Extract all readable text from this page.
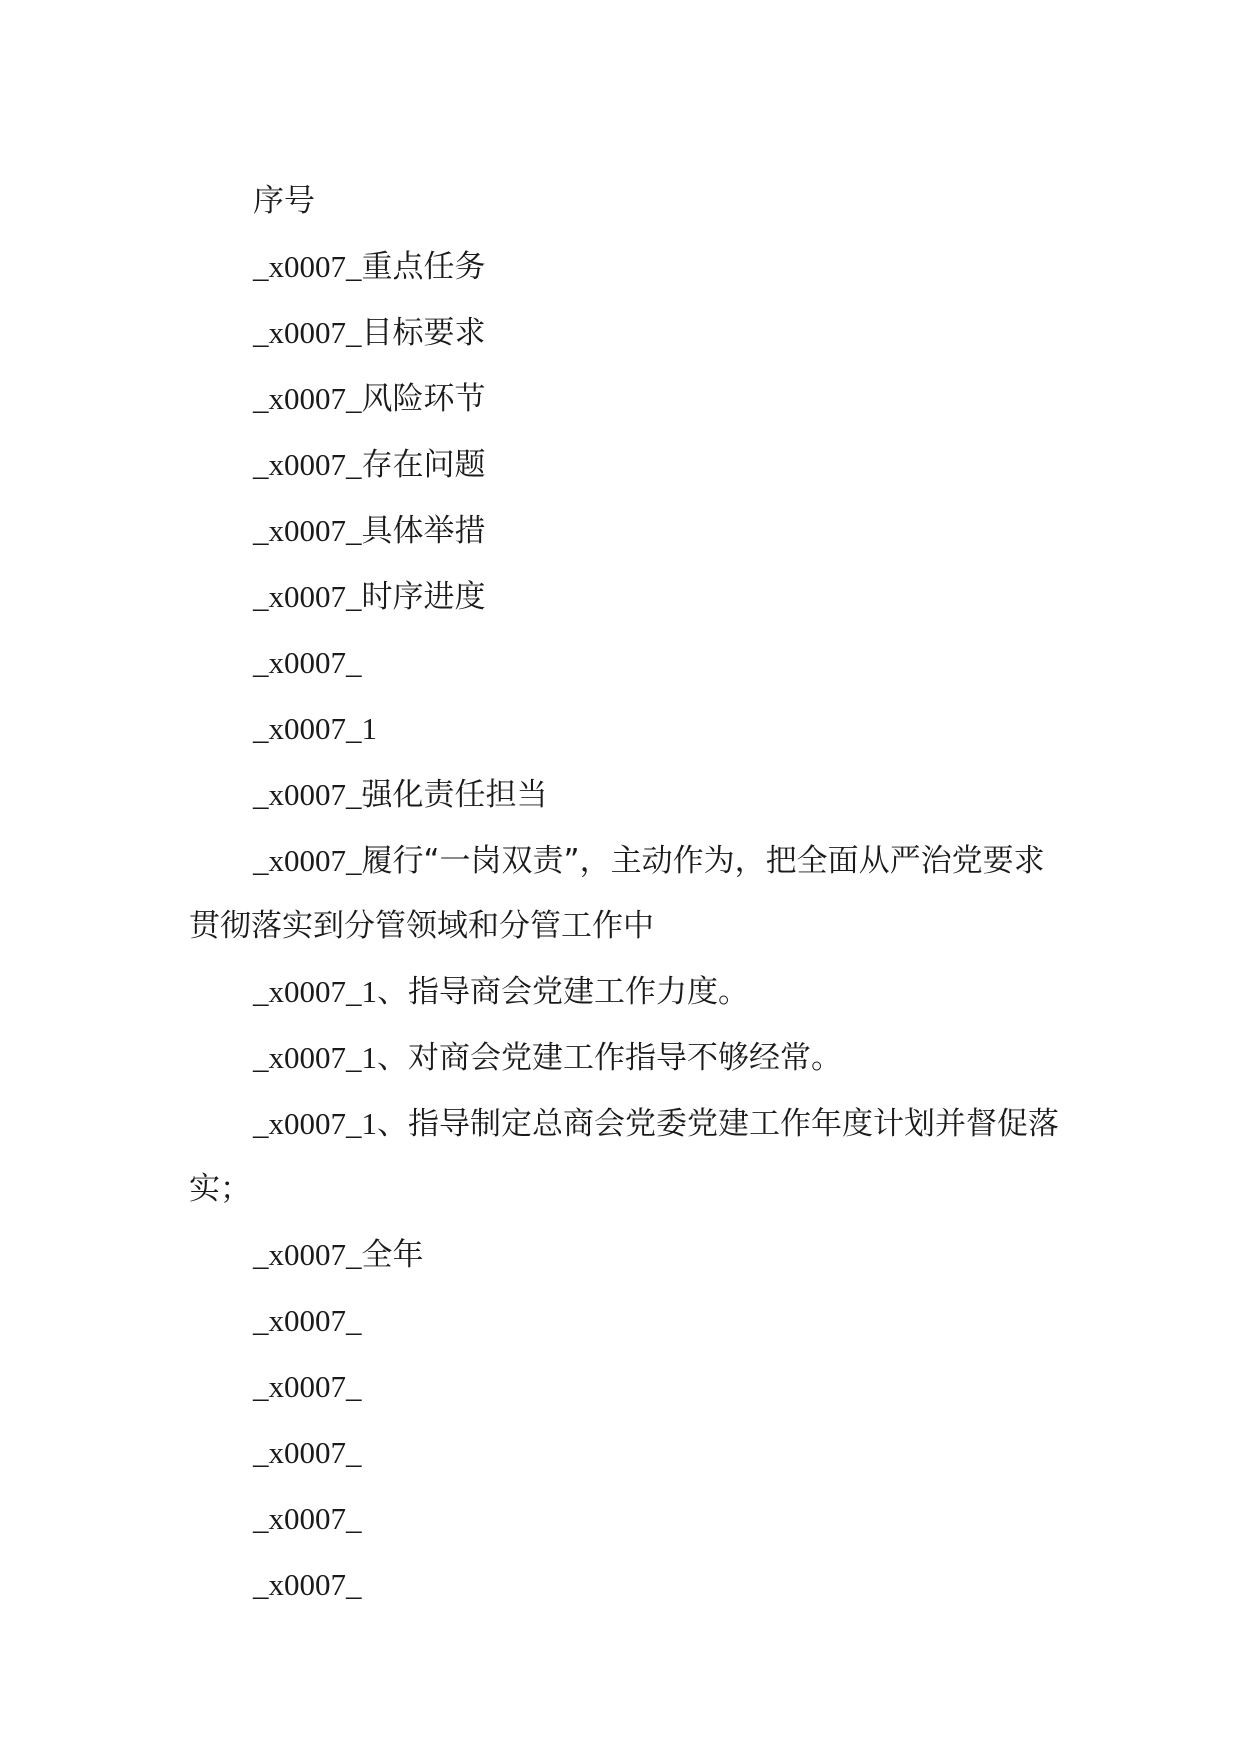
序号

_x0007_重点任务

_x0007_目标要求

_x0007_风险环节

_x0007_存在问题

_x0007_具体举措

_x0007_时序进度

_x0007_

_x0007_1

_x0007_强化责任担当

_x0007_履行“一岗双责”，主动作为，把全面从严治党要求贯彻落实到分管领域和分管工作中

_x0007_1、指导商会党建工作力度。

_x0007_1、对商会党建工作指导不够经常。

_x0007_1、指导制定总商会党委党建工作年度计划并督促落实；

_x0007_全年

_x0007_

_x0007_

_x0007_

_x0007_

_x0007_
